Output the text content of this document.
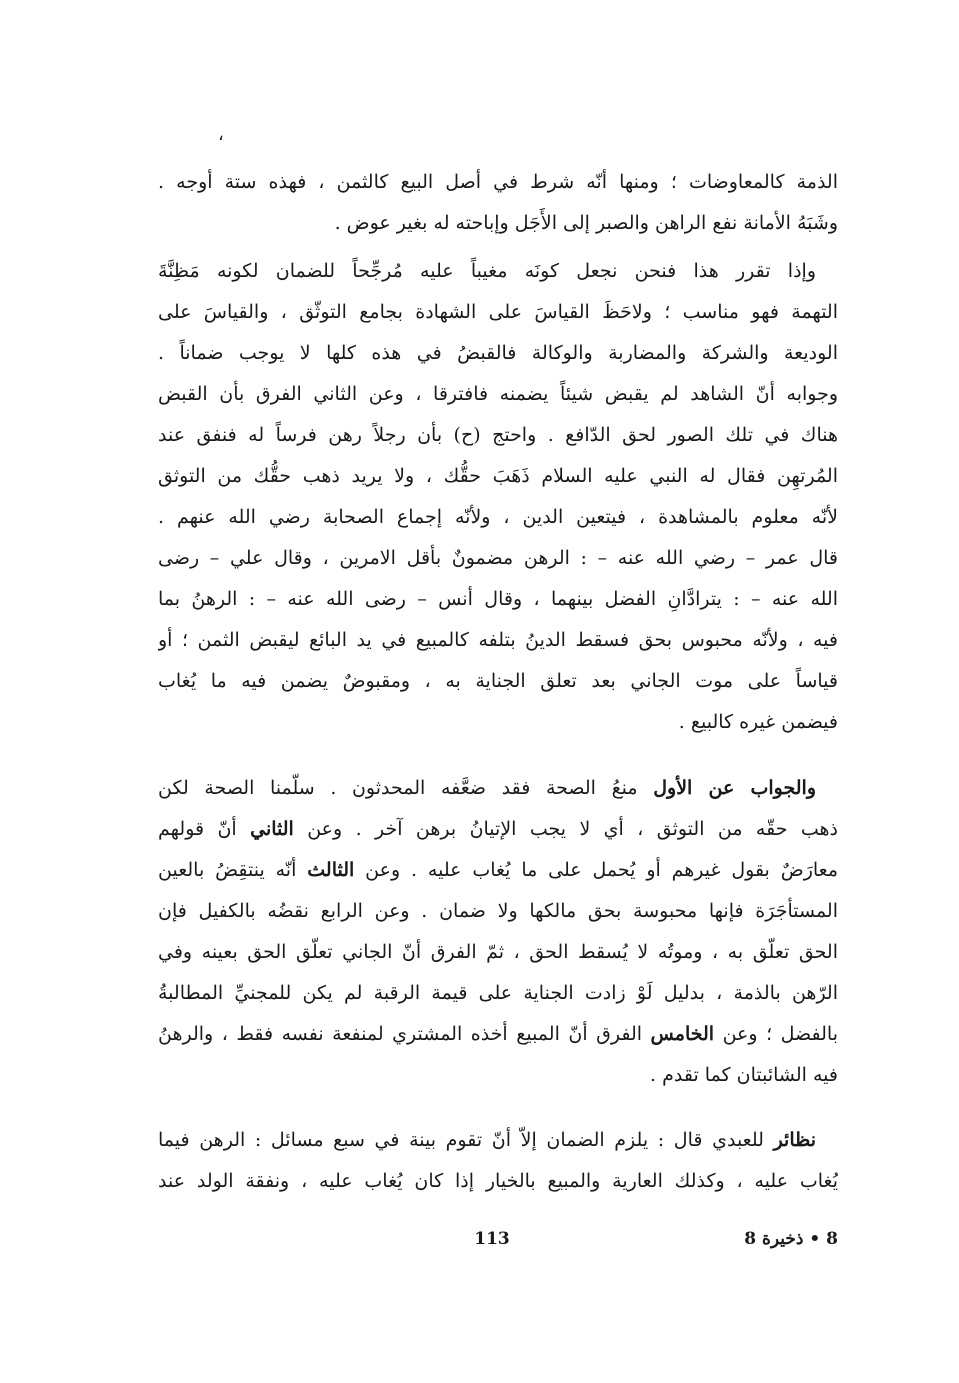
،
الذمة كالمعاوضات ؛ ومنها أنّه شرط في أصل البيع كالثمن ، فهذه ستة أوجه .
وشَبَهُ الأمانة نفع الراهن والصبر إلى الأَجَل وإباحته له بغير عوض .
وإذا تقرر هذا فنحن نجعل كونَه مغيباً عليه مُرجِّحاً للضمان لكونه مَظِنَّةَ
التهمة فهو مناسب ؛ ولاحَظَ القياسَ على الشهادة بجامع التوثّق ، والقياسَ على
الوديعة والشركة والمضاربة والوكالة فالقبضُ في هذه كلها لا يوجب ضماناً .
وجوابه أنّ الشاهد لم يقبض شيئاً يضمنه فافترقا ، وعن الثاني الفرق بأن القبض
هناك في تلك الصور لحق الدّافع . واحتج (ح) بأن رجلاً رهن فرساً له فنفق عند
المُرتهِن فقال له النبي عليه السلام ذَهَبَ حقُّك ، ولا يريد ذهب حقُّك من التوثق
لأنّه معلوم بالمشاهدة ، فيتعين الدين ، ولأنّه إجماع الصحابة رضي الله عنهم .
قال عمر – رضي الله عنه – : الرهن مضمونٌ بأقل الامرين ، وقال علي – رضى
الله عنه – : يترادَّانِ الفضل بينهما ، وقال أنس – رضى الله عنه – : الرهنُ بما
فيه ، ولأنّه محبوس بحق فسقط الدينُ بتلفه كالمبيع في يد البائع ليقبض الثمن ؛ أو
قياساً على موت الجاني بعد تعلق الجناية به ، ومقبوضٌ يضمن فيه ما يُغاب
فيضمن غيره كالبيع .
والجواب عن الأول منعُ الصحة فقد ضعَّفه المحدثون . سلّمنا الصحة لكن
ذهب حقّه من التوثق ، أي لا يجب الإتيانُ برهن آخر . وعن الثاني أنّ قولهم
معارَضٌ بقول غيرهم أو يُحمل على ما يُغاب عليه . وعن الثالث أنّه ينتقِضُ بالعين
المستأجَرَة فإنها محبوسة بحق مالكها ولا ضمان . وعن الرابع نقضُه بالكفيل فإن
الحق تعلّق به ، وموتُه لا يُسقط الحق ، ثمّ الفرق أنّ الجاني تعلّق الحق بعينه وفي
الرّهن بالذمة ، بدليل لَوْ زادت الجناية على قيمة الرقبة لم يكن للمجنيِّ المطالبةُ
بالفضل ؛ وعن الخامس الفرق أنّ المبيع أخذه المشتري لمنفعة نفسه فقط ، والرهنُ
فيه الشائبتان كما تقدم .
نظائر للعبدي قال : يلزم الضمان إلاّ أنّ تقوم بينة في سبع مسائل : الرهن فيما
يُغاب عليه ، وكذلك العارية والمبيع بالخيار إذا كان يُغاب عليه ، ونفقة الولد عند
113	8 • ذخيرة 8
